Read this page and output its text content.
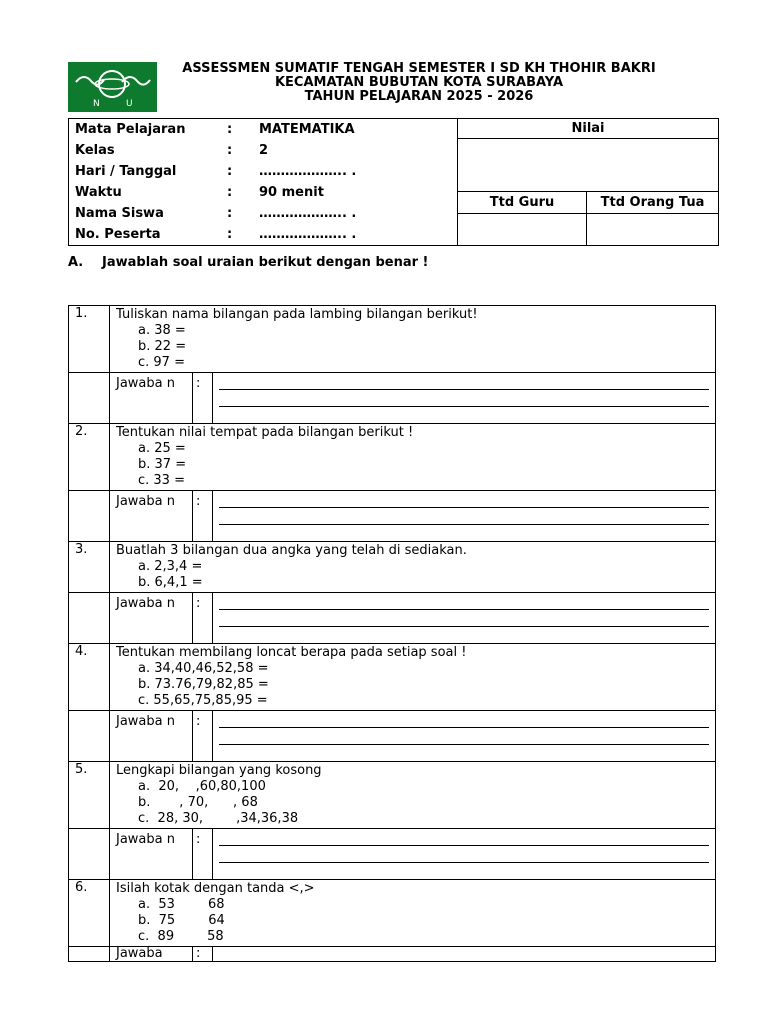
N	U
ASSESSMEN SUMATIF TENGAH SEMESTER I SD KH THOHIR BAKRI
KECAMATAN BUBUTAN KOTA SURABAYA
TAHUN PELAJARAN 2025 - 2026
Mata Pelajaran	:	MATEMATIKA
Kelas	:	2
Hari / Tanggal	:	……………….. .
Waktu	:	90 menit
Nama Siswa	:	……………….. .
No. Peserta	:	……………….. .
	Nilai

Ttd Guru	Ttd Orang Tua

A. Jawablah soal uraian berikut dengan benar !
1.	Tuliskan nama bilangan pada lambing bilangan berikut!
a. 38 =
b. 22 =
c. 97 =		

	Jawaba n	:	

2.	Tentukan nilai tempat pada bilangan berikut !
a. 25 =
b. 37 =
c. 33 =		

	Jawaba n	:	

3.	Buatlah 3 bilangan dua angka yang telah di sediakan.
a. 2,3,4 =
b. 6,4,1 =		

	Jawaba n	:	

4.	Tentukan membilang loncat berapa pada setiap soal !
a. 34,40,46,52,58 =
b. 73.76,79,82,85 =
c. 55,65,75,85,95 =		

	Jawaba n	:	

5.	Lengkapi bilangan yang kosong
a.  20,    ,60,80,100
b.       , 70,      , 68
c.  28, 30,        ,34,36,38		

	Jawaba n	:	

6.	Isilah kotak dengan tanda <,>
a.  53        68
b.  75        64
c.  89        58		

	Jawaba	:	
